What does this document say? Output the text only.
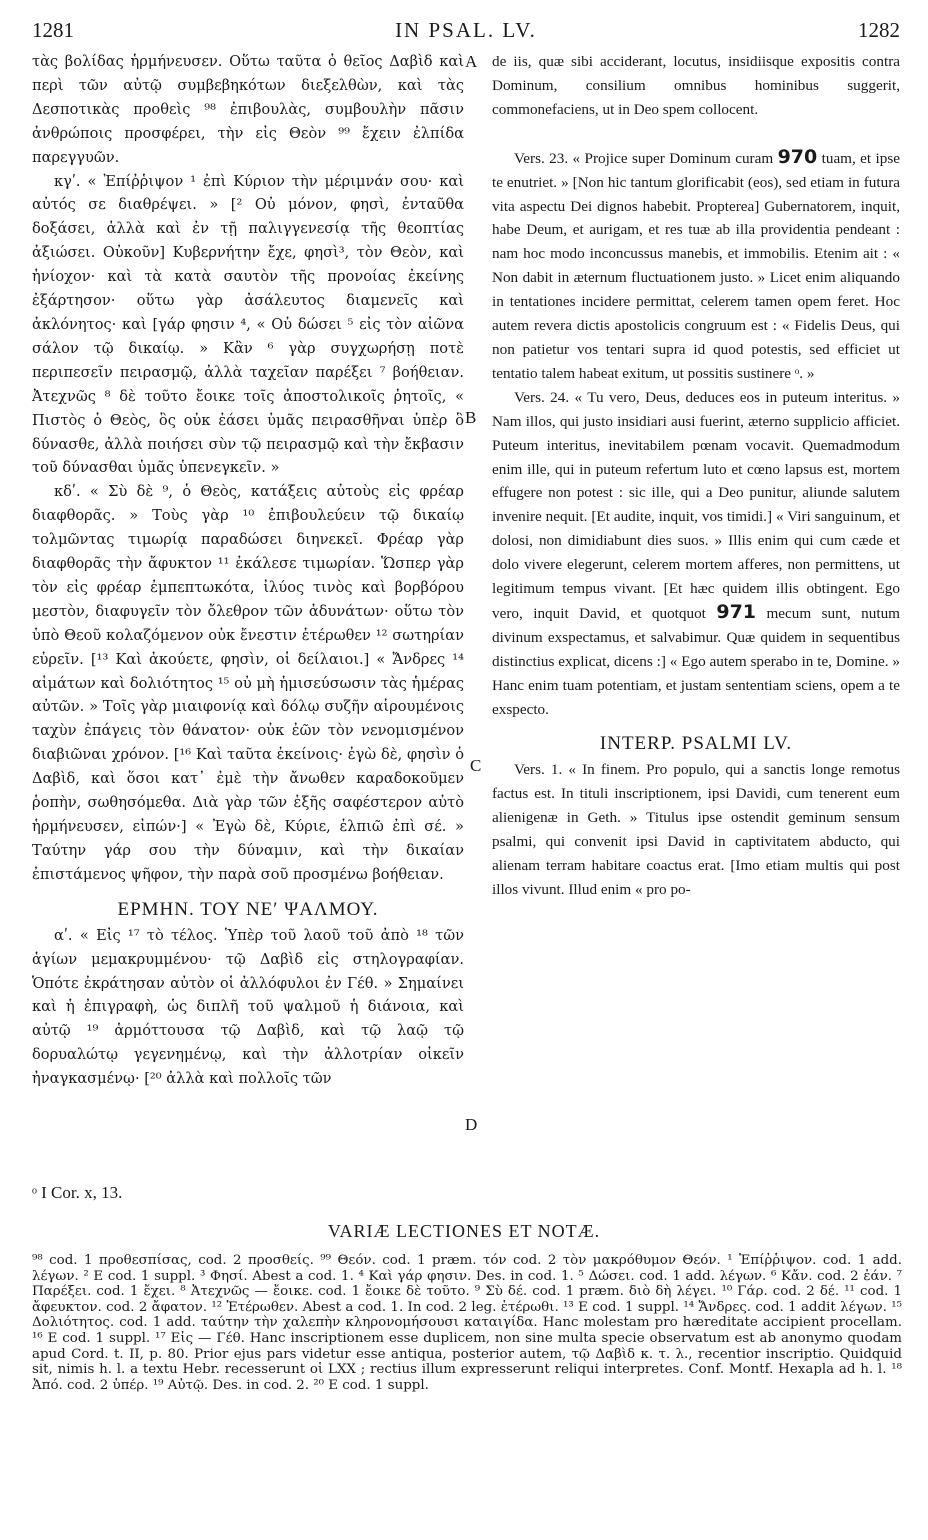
1281	IN PSAL. LV.	1282

τὰς βολίδας ἡρμήνευσεν. Οὕτω ταῦτα ὁ θεῖος Δαβὶδ καὶ περὶ τῶν αὐτῷ συμβεβηκότων διεξελθὼν, καὶ τὰς Δεσποτικὰς προθεὶς ⁹⁸ ἐπιβουλὰς, συμβουλὴν πᾶσιν ἀνθρώποις προσφέρει, τὴν εἰς Θεὸν ⁹⁹ ἔχειν ἐλπίδα παρεγγυῶν.

κγʹ. « Ἐπίῤῥιψον ¹ ἐπὶ Κύριον τὴν μέριμνάν σου· καὶ αὐτός σε διαθρέψει. » [² Οὐ μόνον, φησὶ, ἐνταῦθα δοξάσει, ἀλλὰ καὶ ἐν τῇ παλιγγενεσίᾳ τῆς θεοπτίας ἀξιώσει. Οὐκοῦν] Κυβερνήτην ἔχε, φησὶ³, τὸν Θεὸν, καὶ ἡνίοχον· καὶ τὰ κατὰ σαυτὸν τῆς προνοίας ἐκείνης ἐξάρτησον· οὕτω γὰρ ἀσάλευτος διαμενεῖς καὶ ἀκλόνητος· καὶ [γάρ φησιν ⁴, « Οὐ δώσει ⁵ εἰς τὸν αἰῶνα σάλον τῷ δικαίῳ. » Κἂν ⁶ γὰρ συγχωρήσῃ ποτὲ περιπεσεῖν πειρασμῷ, ἀλλὰ ταχεῖαν παρέξει ⁷ βοήθειαν. Ἀτεχνῶς ⁸ δὲ τοῦτο ἔοικε τοῖς ἀποστολικοῖς ῥητοῖς, « Πιστὸς ὁ Θεὸς, ὃς οὐκ ἐάσει ὑμᾶς πειρασθῆναι ὑπὲρ ὃ δύνασθε, ἀλλὰ ποιήσει σὺν τῷ πειρασμῷ καὶ τὴν ἔκβασιν τοῦ δύνασθαι ὑμᾶς ὑπενεγκεῖν. »

κδʹ. « Σὺ δὲ ⁹, ὁ Θεὸς, κατάξεις αὐτοὺς εἰς φρέαρ διαφθορᾶς. » Τοὺς γὰρ ¹⁰ ἐπιβουλεύειν τῷ δικαίῳ τολμῶντας τιμωρίᾳ παραδώσει διηνεκεῖ. Φρέαρ γὰρ διαφθορᾶς τὴν ἄφυκτον ¹¹ ἐκάλεσε τιμωρίαν. Ὥσπερ γὰρ τὸν εἰς φρέαρ ἐμπεπτωκότα, ἰλύος τινὸς καὶ βορβόρου μεστὸν, διαφυγεῖν τὸν ὄλεθρον τῶν ἀδυνάτων· οὕτω τὸν ὑπὸ Θεοῦ κολαζόμενον οὐκ ἔνεστιν ἑτέρωθεν ¹² σωτηρίαν εὑρεῖν. [¹³ Καὶ ἀκούετε, φησὶν, οἱ δείλαιοι.] « Ἄνδρες ¹⁴ αἱμάτων καὶ δολιότητος ¹⁵ οὐ μὴ ἡμισεύσωσιν τὰς ἡμέρας αὐτῶν. » Τοῖς γὰρ μιαιφονίᾳ καὶ δόλῳ συζῆν αἱρουμένοις ταχὺν ἐπάγεις τὸν θάνατον· οὐκ ἐῶν τὸν νενομισμένον διαβιῶναι χρόνον. [¹⁶ Καὶ ταῦτα ἐκείνοις· ἐγὼ δὲ, φησὶν ὁ Δαβὶδ, καὶ ὅσοι κατ᾽ ἐμὲ τὴν ἄνωθεν καραδοκοῦμεν ῥοπὴν, σωθησόμεθα. Διὰ γὰρ τῶν ἑξῆς σαφέστερον αὐτὸ ἡρμήνευσεν, εἰπών·] « Ἐγὼ δὲ, Κύριε, ἐλπιῶ ἐπὶ σέ. » Ταύτην γάρ σου τὴν δύναμιν, καὶ τὴν δικαίαν ἐπιστάμενος ψῆφον, τὴν παρὰ σοῦ προσμένω βοήθειαν.

ΕΡΜΗΝ. ΤΟΥ ΝΕʹ ΨΑΛΜΟΥ.

αʹ. « Εἰς ¹⁷ τὸ τέλος. Ὑπὲρ τοῦ λαοῦ τοῦ ἀπὸ ¹⁸ τῶν ἁγίων μεμακρυμμένου· τῷ Δαβὶδ εἰς στηλογραφίαν. Ὁπότε ἐκράτησαν αὐτὸν οἱ ἀλλόφυλοι ἐν Γέθ. » Σημαίνει καὶ ἡ ἐπιγραφὴ, ὡς διπλῆ τοῦ ψαλμοῦ ἡ διάνοια, καὶ αὐτῷ ¹⁹ ἁρμόττουσα τῷ Δαβὶδ, καὶ τῷ λαῷ τῷ δορυαλώτῳ γεγενημένῳ, καὶ τὴν ἀλλοτρίαν οἰκεῖν ἠναγκασμένῳ· [²⁰ ἀλλὰ καὶ πολλοῖς τῶν

A
B
C
D

de iis, quæ sibi acciderant, locutus, insidiisque expositis contra Dominum, consilium omnibus hominibus suggerit, commonefaciens, ut in Deo spem collocent.

Vers. 23. « Projice super Dominum curam 970 tuam, et ipse te enutriet. » [Non hic tantum glorificabit (eos), sed etiam in futura vita aspectu Dei dignos habebit. Propterea] Gubernatorem, inquit, habe Deum, et aurigam, et res tuæ ab illa providentia pendeant : nam hoc modo inconcussus manebis, et immobilis. Etenim ait : « Non dabit in æternum fluctuationem justo. » Licet enim aliquando in tentationes incidere permittat, celerem tamen opem feret. Hoc autem revera dictis apostolicis congruum est : « Fidelis Deus, qui non patietur vos tentari supra id quod potestis, sed efficiet ut tentatio talem habeat exitum, ut possitis sustinere ᵒ. »

Vers. 24. « Tu vero, Deus, deduces eos in puteum interitus. » Nam illos, qui justo insidiari ausi fuerint, æterno supplicio afficiet. Puteum interitus, inevitabilem pœnam vocavit. Quemadmodum enim ille, qui in puteum refertum luto et cœno lapsus est, mortem effugere non potest : sic ille, qui a Deo punitur, aliunde salutem invenire nequit. [Et audite, inquit, vos timidi.] « Viri sanguinum, et dolosi, non dimidiabunt dies suos. » Illis enim qui cum cæde et dolo vivere elegerunt, celerem mortem afferes, non permittens, ut legitimum tempus vivant. [Et hæc quidem illis obtingent. Ego vero, inquit David, et quotquot 971 mecum sunt, nutum divinum exspectamus, et salvabimur. Quæ quidem in sequentibus distinctius explicat, dicens :] « Ego autem sperabo in te, Domine. » Hanc enim tuam potentiam, et justam sententiam sciens, opem a te exspecto.

INTERP. PSALMI LV.

Vers. 1. « In finem. Pro populo, qui a sanctis longe remotus factus est. In tituli inscriptionem, ipsi Davidi, cum tenerent eum alienigenæ in Geth. » Titulus ipse ostendit geminum sensum psalmi, qui convenit ipsi David in captivitatem abducto, qui alienam terram habitare coactus erat. [Imo etiam multis qui post illos vivunt. Illud enim « pro po-

ᵒ I Cor. x, 13.
VARIÆ LECTIONES ET NOTÆ.

⁹⁸ cod. 1 προθεσπίσας, cod. 2 προσθείς. ⁹⁹ Θεόν. cod. 1 præm. τόν cod. 2 τὸν μακρόθυμον Θεόν. ¹ Ἐπίῤῥιψον. cod. 1 add. λέγων. ² E cod. 1 suppl. ³ Φησί. Abest a cod. 1. ⁴ Καὶ γάρ φησιν. Des. in cod. 1. ⁵ Δώσει. cod. 1 add. λέγων. ⁶ Κἄν. cod. 2 ἐάν. ⁷ Παρέξει. cod. 1 ἔχει. ⁸ Ἀτεχνῶς — ἔοικε. cod. 1 ἔοικε δὲ τοῦτο. ⁹ Σὺ δέ. cod. 1 præm. διὸ δὴ λέγει. ¹⁰ Γάρ. cod. 2 δέ. ¹¹ cod. 1 ἄφευκτον. cod. 2 ἄφατον. ¹² Ἑτέρωθεν. Abest a cod. 1. In cod. 2 leg. ἑτέρωθι. ¹³ E cod. 1 suppl. ¹⁴ Ἄνδρες. cod. 1 addit λέγων. ¹⁵ Δολιότητος. cod. 1 add. ταύτην τὴν χαλεπὴν κληρονομήσουσι καταιγίδα. Hanc molestam pro hæreditate accipient procellam. ¹⁶ E cod. 1 suppl. ¹⁷ Εἰς — Γέθ. Hanc inscriptionem esse duplicem, non sine multa specie observatum est ab anonymo quodam apud Cord. t. II, p. 80. Prior ejus pars videtur esse antiqua, posterior autem, τῷ Δαβὶδ κ. τ. λ., recentior inscriptio. Quidquid sit, nimis h. l. a textu Hebr. recesserunt οἱ LXX ; rectius illum expresserunt reliqui interpretes. Conf. Montf. Hexapla ad h. l. ¹⁸ Ἀπό. cod. 2 ὑπέρ. ¹⁹ Αὐτῷ. Des. in cod. 2. ²⁰ E cod. 1 suppl.
